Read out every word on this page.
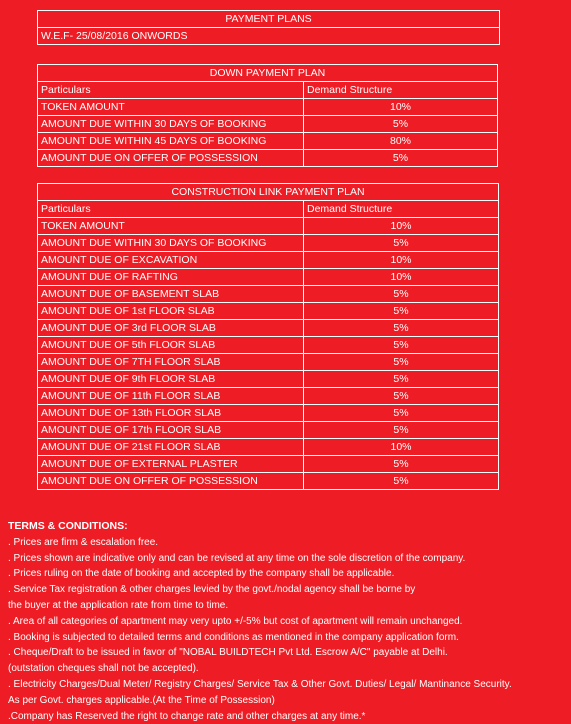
PAYMENT PLANS
W.E.F- 25/08/2016 ONWORDS
DOWN PAYMENT PLAN	
Particulars	Demand Structure
TOKEN AMOUNT	10%
AMOUNT DUE WITHIN 30 DAYS OF BOOKING	5%
AMOUNT DUE WITHIN 45 DAYS OF BOOKING	80%
AMOUNT DUE ON OFFER OF POSSESSION	5%
CONSTRUCTION LINK PAYMENT PLAN	
Particulars	Demand Structure
TOKEN AMOUNT	10%
AMOUNT DUE WITHIN 30 DAYS OF BOOKING	5%
AMOUNT DUE OF EXCAVATION	10%
AMOUNT DUE OF RAFTING	10%
AMOUNT DUE OF BASEMENT SLAB	5%
AMOUNT DUE OF 1st FLOOR SLAB	5%
AMOUNT DUE OF 3rd FLOOR SLAB	5%
AMOUNT DUE OF 5th FLOOR SLAB	5%
AMOUNT DUE OF 7TH FLOOR SLAB	5%
AMOUNT DUE OF 9th FLOOR SLAB	5%
AMOUNT DUE OF 11th FLOOR SLAB	5%
AMOUNT DUE OF 13th FLOOR SLAB	5%
AMOUNT DUE OF 17th FLOOR SLAB	5%
AMOUNT DUE OF 21st FLOOR SLAB	10%
AMOUNT DUE OF EXTERNAL PLASTER	5%
AMOUNT DUE ON OFFER OF POSSESSION	5%
TERMS & CONDITIONS:
. Prices are firm & escalation free.
. Prices shown are indicative only and can be revised at any time on the sole discretion of the company.
. Prices ruling on the date of booking and accepted by the company shall be applicable.
. Service Tax registration & other charges levied by the govt./nodal agency shall be borne by
the buyer at the application rate from time to time.
. Area of all categories of apartment may very upto +/-5% but cost of apartment will remain unchanged.
. Booking is subjected to detailed terms and conditions as mentioned in the company application form.
. Cheque/Draft to be issued in favor of "NOBAL BUILDTECH Pvt Ltd. Escrow A/C" payable at Delhi.
(outstation cheques shall not be accepted).
. Electricity Charges/Dual Meter/ Registry Charges/ Service Tax & Other Govt. Duties/ Legal/ Mantinance Security.
As per Govt. charges applicable.(At the Time of Possession)
.Company has Reserved the right to change rate and other charges at any time.*
